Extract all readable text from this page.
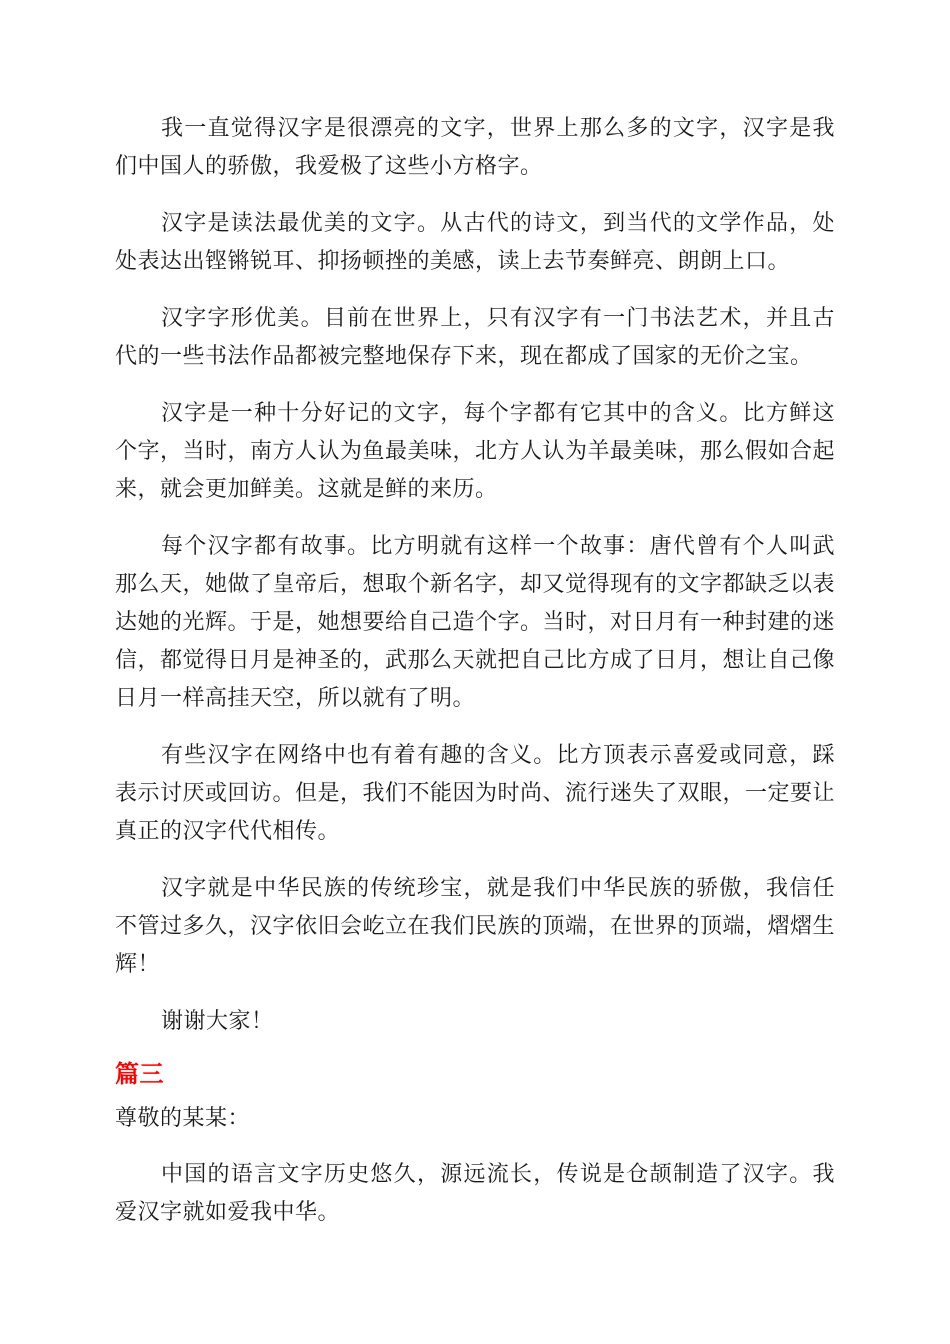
我一直觉得汉字是很漂亮的文字，世界上那么多的文字，汉字是我们中国人的骄傲，我爱极了这些小方格字。

汉字是读法最优美的文字。从古代的诗文，到当代的文学作品，处处表达出铿锵锐耳、抑扬顿挫的美感，读上去节奏鲜亮、朗朗上口。

汉字字形优美。目前在世界上，只有汉字有一门书法艺术，并且古代的一些书法作品都被完整地保存下来，现在都成了国家的无价之宝。

汉字是一种十分好记的文字，每个字都有它其中的含义。比方鲜这个字，当时，南方人认为鱼最美味，北方人认为羊最美味，那么假如合起来，就会更加鲜美。这就是鲜的来历。

每个汉字都有故事。比方明就有这样一个故事：唐代曾有个人叫武那么天，她做了皇帝后，想取个新名字，却又觉得现有的文字都缺乏以表达她的光辉。于是，她想要给自己造个字。当时，对日月有一种封建的迷信，都觉得日月是神圣的，武那么天就把自己比方成了日月，想让自己像日月一样高挂天空，所以就有了明。

有些汉字在网络中也有着有趣的含义。比方顶表示喜爱或同意，踩表示讨厌或回访。但是，我们不能因为时尚、流行迷失了双眼，一定要让真正的汉字代代相传。

汉字就是中华民族的传统珍宝，就是我们中华民族的骄傲，我信任不管过多久，汉字依旧会屹立在我们民族的顶端，在世界的顶端，熠熠生辉！

谢谢大家！

篇三

尊敬的某某：

中国的语言文字历史悠久，源远流长，传说是仓颉制造了汉字。我爱汉字就如爱我中华。
